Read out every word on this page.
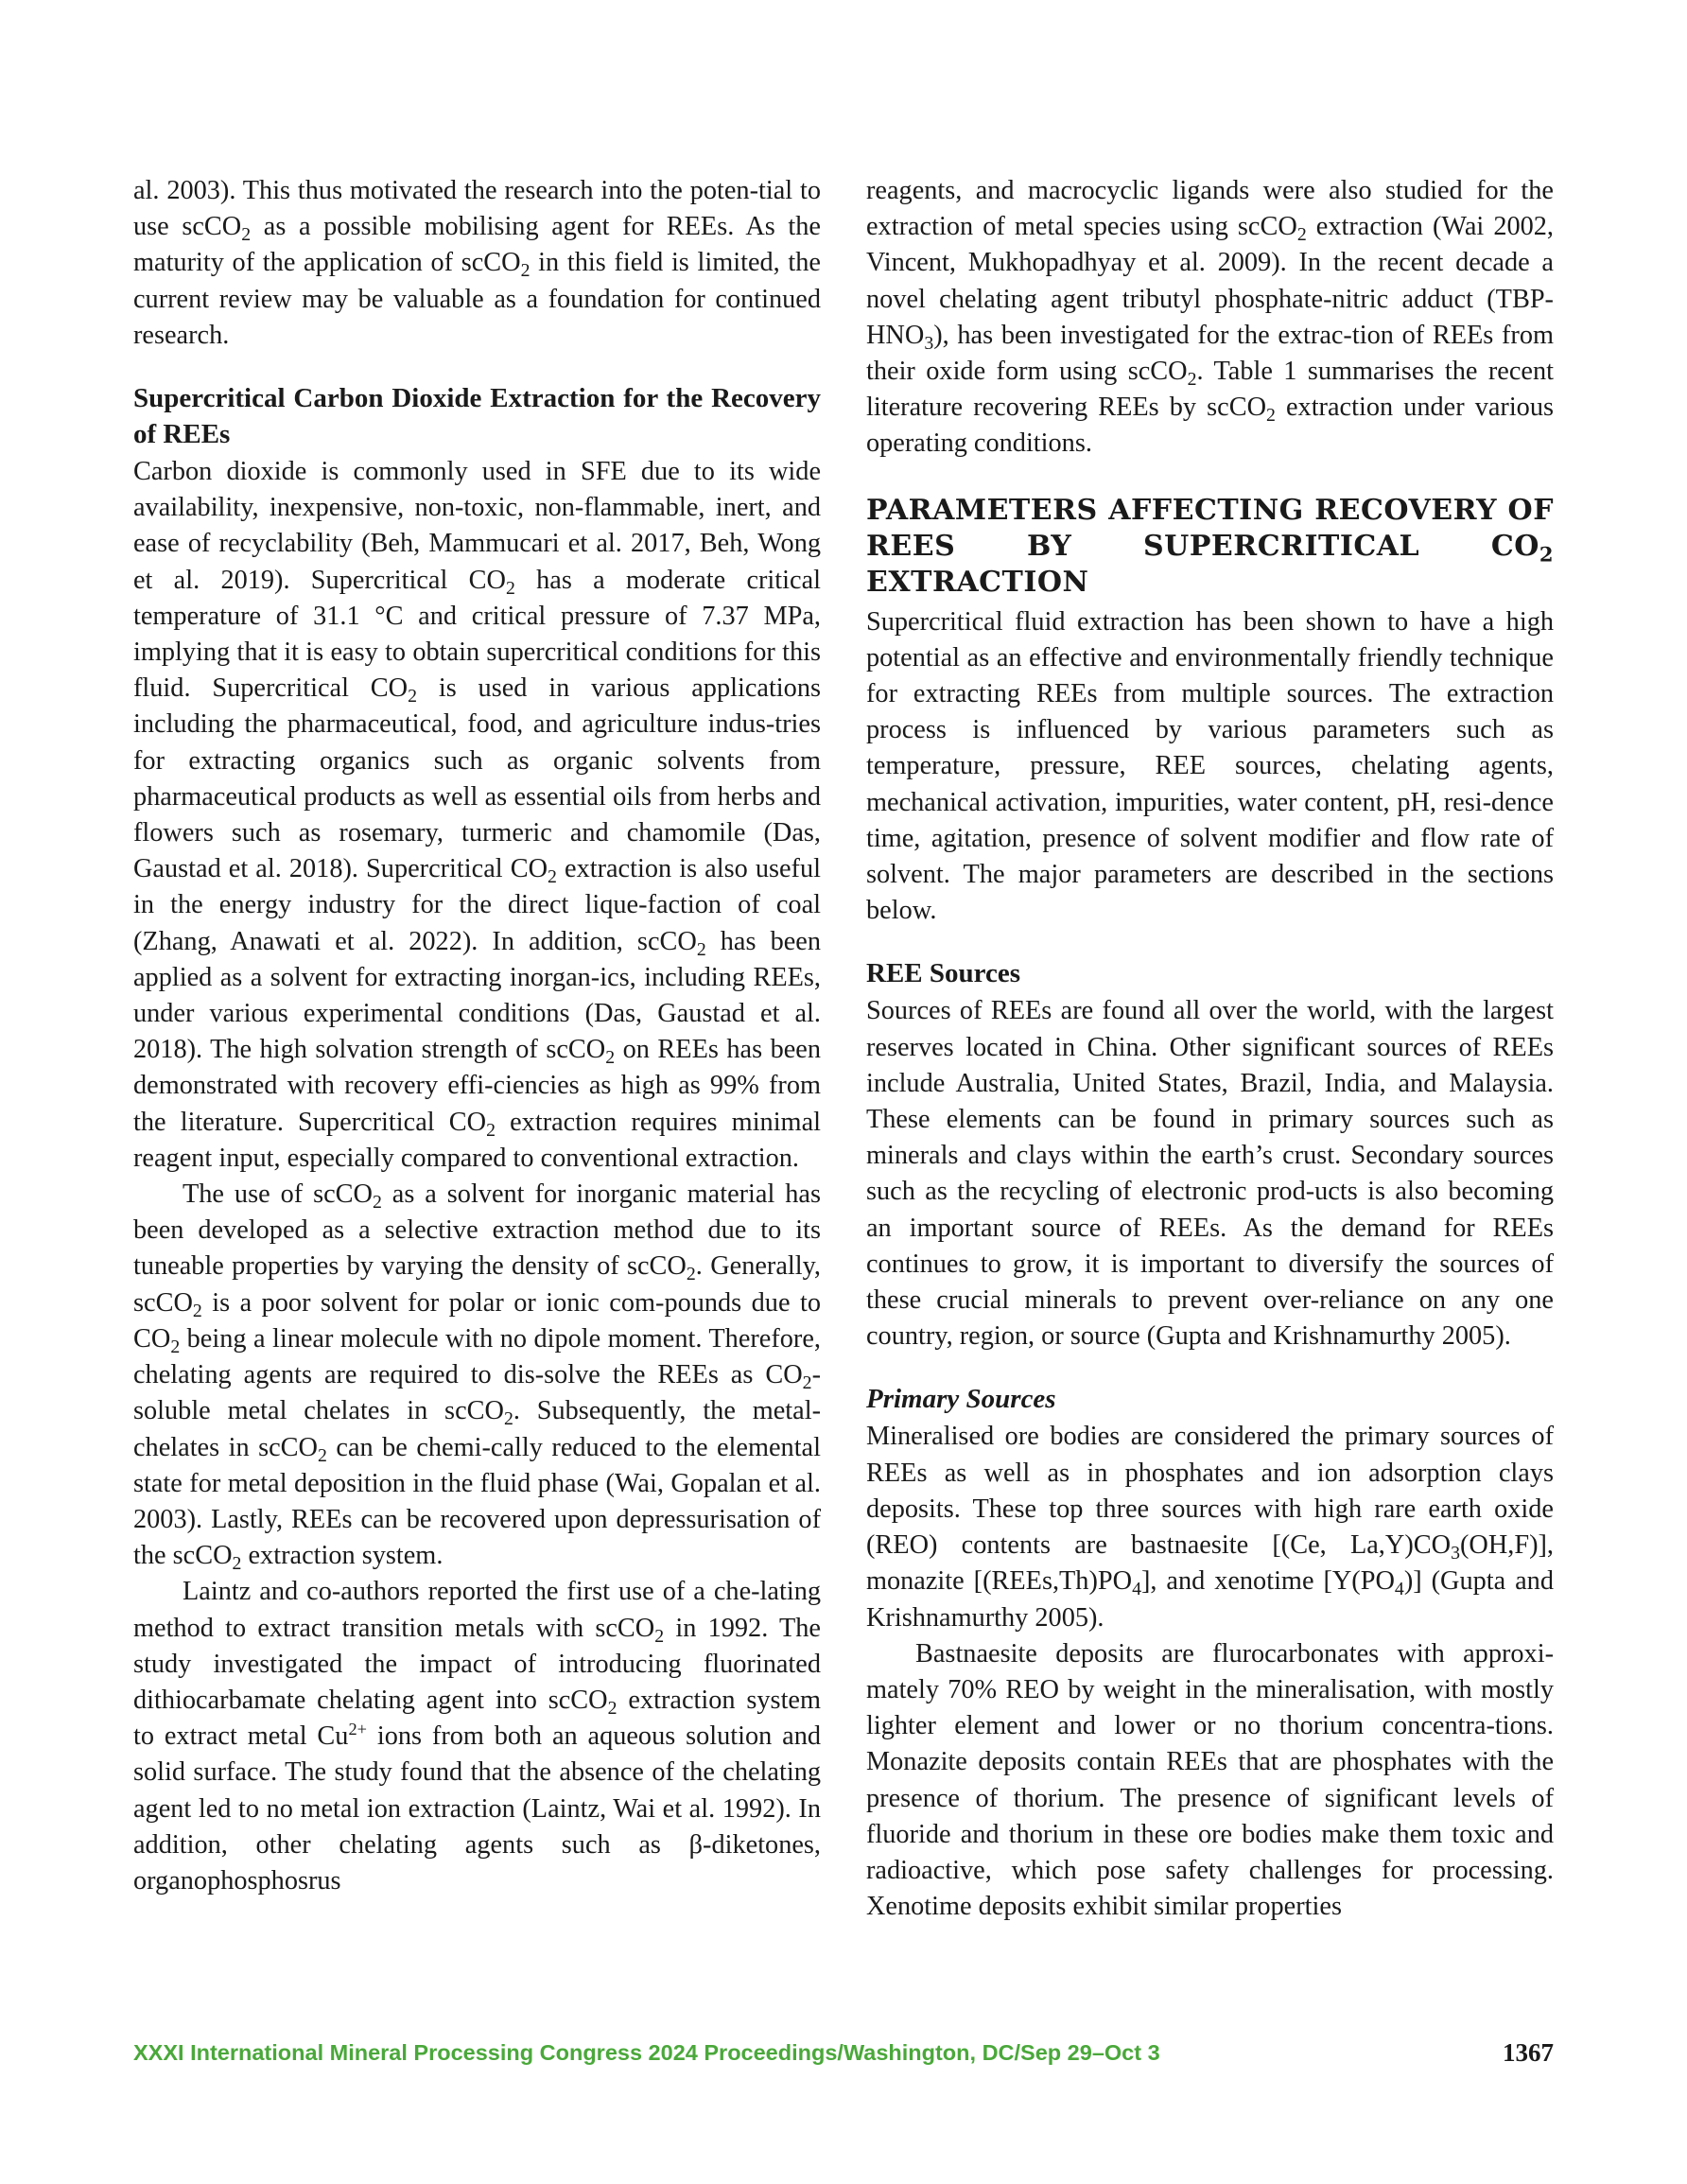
al. 2003). This thus motivated the research into the poten-tial to use scCO$_2$ as a possible mobilising agent for REEs. As the maturity of the application of scCO$_2$ in this field is limited, the current review may be valuable as a foundation for continued research.

Supercritical Carbon Dioxide Extraction for the Recovery of REEs

Carbon dioxide is commonly used in SFE due to its wide availability, inexpensive, non-toxic, non-flammable, inert, and ease of recyclability (Beh, Mammucari et al. 2017, Beh, Wong et al. 2019). Supercritical $CO_2$ has a moderate critical temperature of 31.1 °C and critical pressure of 7.37 MPa, implying that it is easy to obtain supercritical conditions for this fluid. Supercritical $CO_2$ is used in various applications including the pharmaceutical, food, and agriculture indus-tries for extracting organics such as organic solvents from pharmaceutical products as well as essential oils from herbs and flowers such as rosemary, turmeric and chamomile (Das, Gaustad et al. 2018). Supercritical $CO_2$ extraction is also useful in the energy industry for the direct lique-faction of coal (Zhang, Anawati et al. 2022). In addition, scCO$_2$ has been applied as a solvent for extracting inorgan-ics, including REEs, under various experimental conditions (Das, Gaustad et al. 2018). The high solvation strength of scCO$_2$ on REEs has been demonstrated with recovery effi-ciencies as high as 99% from the literature. Supercritical $CO_2$ extraction requires minimal reagent input, especially compared to conventional extraction.

The use of scCO$_2$ as a solvent for inorganic material has been developed as a selective extraction method due to its tuneable properties by varying the density of scCO$_2$. Generally, scCO$_2$ is a poor solvent for polar or ionic com-pounds due to $CO_2$ being a linear molecule with no dipole moment. Therefore, chelating agents are required to dis-solve the REEs as $CO_2$-soluble metal chelates in scCO$_2$. Subsequently, the metal-chelates in scCO$_2$ can be chemi-cally reduced to the elemental state for metal deposition in the fluid phase (Wai, Gopalan et al. 2003). Lastly, REEs can be recovered upon depressurisation of the scCO$_2$ extraction system.

Laintz and co-authors reported the first use of a che-lating method to extract transition metals with scCO$_2$ in 1992. The study investigated the impact of introducing fluorinated dithiocarbamate chelating agent into scCO$_2$ extraction system to extract metal $Cu^{2+}$ ions from both an aqueous solution and solid surface. The study found that the absence of the chelating agent led to no metal ion extraction (Laintz, Wai et al. 1992). In addition, other chelating agents such as β-diketones, organophosphosrus

reagents, and macrocyclic ligands were also studied for the extraction of metal species using scCO$_2$ extraction (Wai 2002, Vincent, Mukhopadhyay et al. 2009). In the recent decade a novel chelating agent tributyl phosphate-nitric adduct $(TBP-HNO_3)$, has been investigated for the extrac-tion of REEs from their oxide form using scCO$_2$. Table 1 summarises the recent literature recovering REEs by scCO$_2$ extraction under various operating conditions.

PARAMETERS AFFECTING RECOVERY OF REES BY SUPERCRITICAL $CO_2$ EXTRACTION

Supercritical fluid extraction has been shown to have a high potential as an effective and environmentally friendly technique for extracting REEs from multiple sources. The extraction process is influenced by various parameters such as temperature, pressure, REE sources, chelating agents, mechanical activation, impurities, water content, pH, resi-dence time, agitation, presence of solvent modifier and flow rate of solvent. The major parameters are described in the sections below.

REE Sources

Sources of REEs are found all over the world, with the largest reserves located in China. Other significant sources of REEs include Australia, United States, Brazil, India, and Malaysia. These elements can be found in primary sources such as minerals and clays within the earth’s crust. Secondary sources such as the recycling of electronic prod-ucts is also becoming an important source of REEs. As the demand for REEs continues to grow, it is important to diversify the sources of these crucial minerals to prevent over-reliance on any one country, region, or source (Gupta and Krishnamurthy 2005).

Primary Sources

Mineralised ore bodies are considered the primary sources of REEs as well as in phosphates and ion adsorption clays deposits. These top three sources with high rare earth oxide (REO) contents are bastnaesite [(Ce, $La,Y)CO_3(OH,F)$], monazite $[(REEs,Th)PO_4]$, and xenotime $[Y(PO_4)]$ (Gupta and Krishnamurthy 2005).

Bastnaesite deposits are flurocarbonates with approxi-mately 70% REO by weight in the mineralisation, with mostly lighter element and lower or no thorium concentra-tions. Monazite deposits contain REEs that are phosphates with the presence of thorium. The presence of significant levels of fluoride and thorium in these ore bodies make them toxic and radioactive, which pose safety challenges for processing. Xenotime deposits exhibit similar properties

XXXI International Mineral Processing Congress 2024 Proceedings/Washington, DC/Sep 29–Oct 3	1367
